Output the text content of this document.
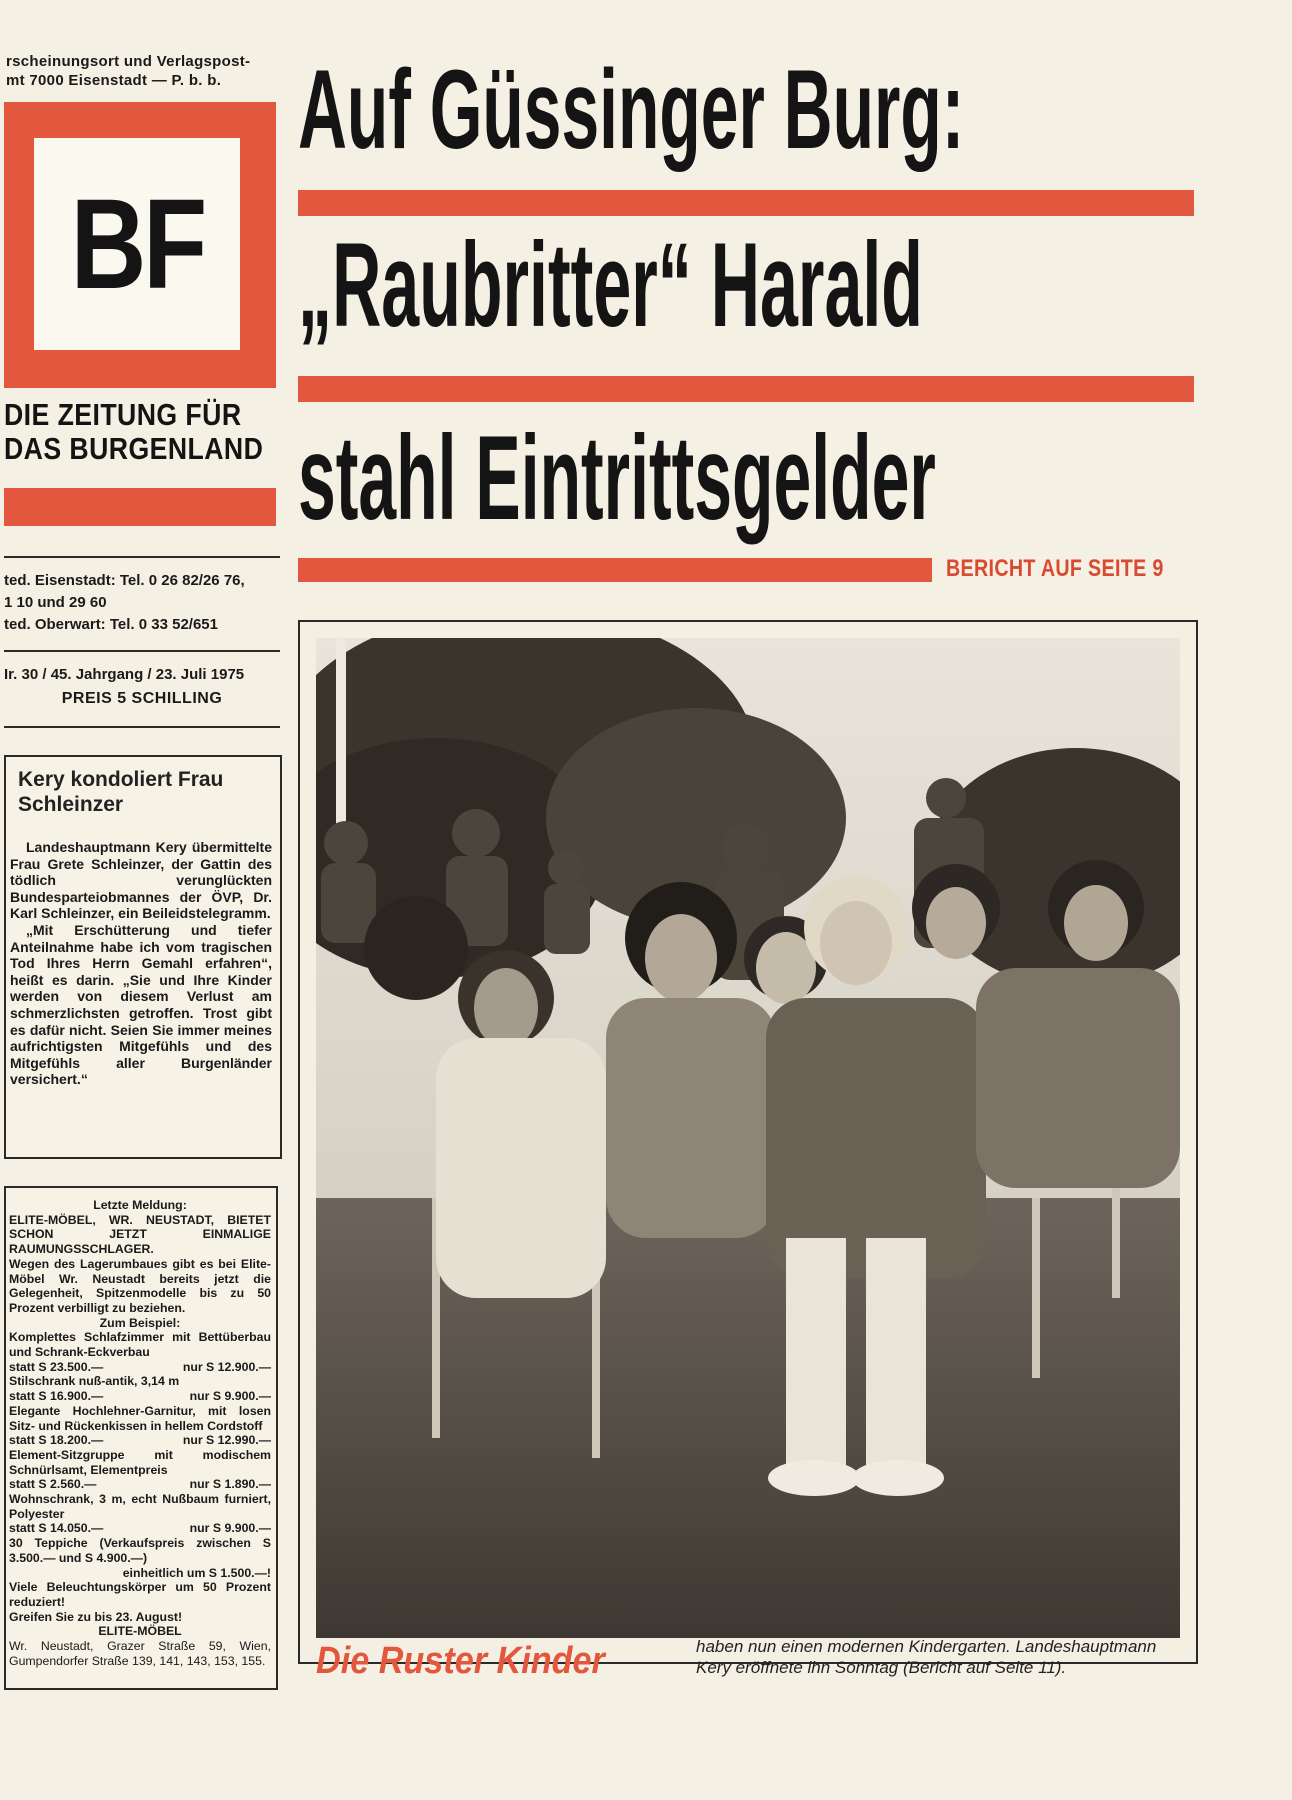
rscheinungsort und Verlagspost-
mt 7000 Eisenstadt — P. b. b.
BF
DIE ZEITUNG FÜR
DAS BURGENLAND
ted. Eisenstadt: Tel. 0 26 82/26 76,
1 10 und 29 60
ted. Oberwart: Tel. 0 33 52/651
Ir. 30 / 45. Jahrgang / 23. Juli 1975
PREIS 5 SCHILLING
Kery kondoliert Frau Schleinzer

Landeshauptmann Kery übermittelte Frau Grete Schleinzer, der Gattin des tödlich verunglückten Bundesparteiobmannes der ÖVP, Dr. Karl Schleinzer, ein Beileidstelegramm.

„Mit Erschütterung und tiefer Anteilnahme habe ich vom tragischen Tod Ihres Herrn Gemahl erfahren“, heißt es darin. „Sie und Ihre Kinder werden von diesem Verlust am schmerzlichsten getroffen. Trost gibt es dafür nicht. Seien Sie immer meines aufrichtigsten Mitgefühls und des Mitgefühls aller Burgenländer versichert.“

Letzte Meldung:
ELITE-MÖBEL, WR. NEUSTADT, BIETET SCHON JETZT EINMALIGE RAUMUNGSSCHLAGER.
Wegen des Lagerumbaues gibt es bei Elite-Möbel Wr. Neustadt bereits jetzt die Gelegenheit, Spitzenmodelle bis zu 50 Prozent verbilligt zu beziehen.
Zum Beispiel:
Komplettes Schlafzimmer mit Bettüberbau und Schrank-Eckverbau
statt S 23.500.—	nur S 12.900.—
Stilschrank nuß-antik, 3,14 m
statt S 16.900.—	nur S 9.900.—
Elegante Hochlehner-Garnitur, mit losen Sitz- und Rückenkissen in hellem Cordstoff
statt S 18.200.—	nur S 12.990.—
Element-Sitzgruppe mit modischem Schnürlsamt, Elementpreis
statt S 2.560.—	nur S 1.890.—
Wohnschrank, 3 m, echt Nußbaum furniert, Polyester
statt S 14.050.—	nur S 9.900.—
30 Teppiche (Verkaufspreis zwischen S 3.500.— und S 4.900.—)
einheitlich um S 1.500.—!
Viele Beleuchtungskörper um 50 Prozent reduziert!
Greifen Sie zu bis 23. August!
ELITE-MÖBEL
Wr. Neustadt, Grazer Straße 59, Wien, Gumpendorfer Straße 139, 141, 143, 153, 155.
Auf Güssinger Burg:
„Raubritter“ Harald
stahl Eintrittsgelder
BERICHT AUF SEITE 9
Die Ruster Kinder	haben nun einen modernen Kindergarten. Landeshauptmann Kery eröffnete ihn Sonntag (Bericht auf Seite 11).
